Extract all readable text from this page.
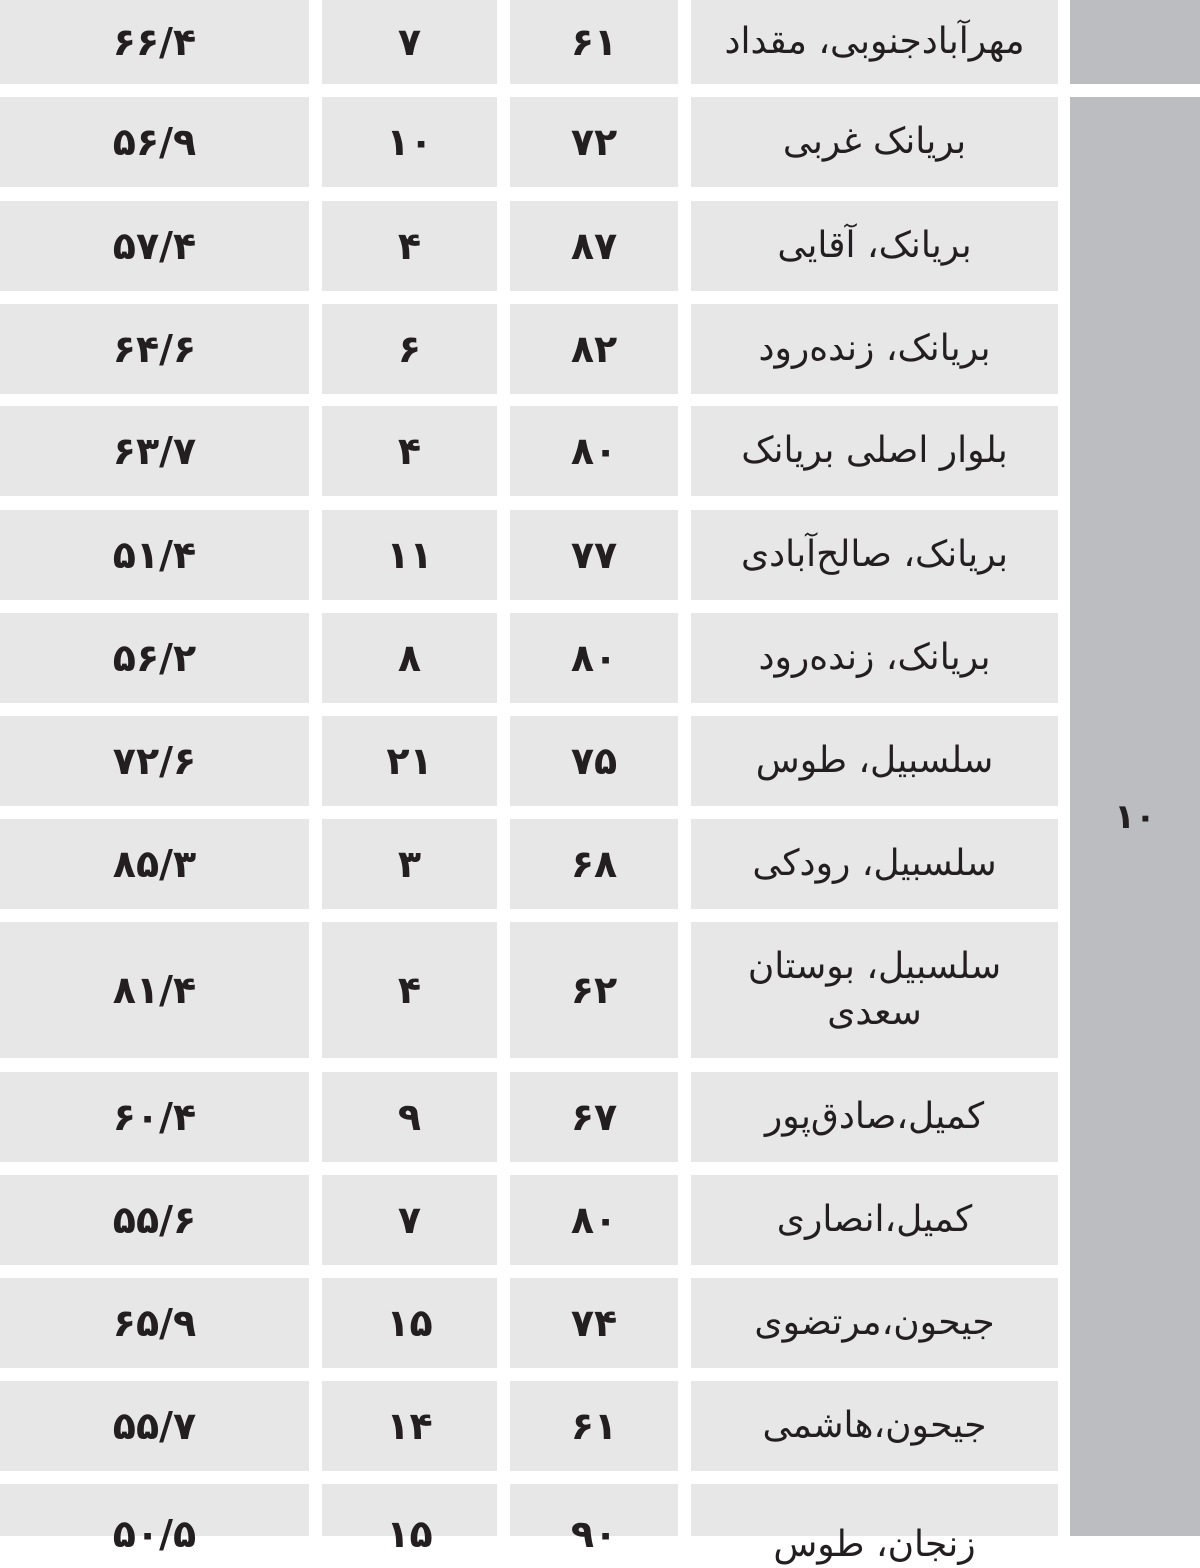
مهرآبادجنوبی، مقداد
۶۱
۷
۶۶/۴
۱۰
بریانک غربی
۷۲
۱۰
۵۶/۹
بریانک، آقایی
۸۷
۴
۵۷/۴
بریانک، زنده‌رود
۸۲
۶
۶۴/۶
بلوار اصلی بریانک
۸۰
۴
۶۳/۷
بریانک، صالح‌آبادی
۷۷
۱۱
۵۱/۴
بریانک، زنده‌رود
۸۰
۸
۵۶/۲
سلسبیل، طوس
۷۵
۲۱
۷۲/۶
سلسبیل، رودکی
۶۸
۳
۸۵/۳
سلسبیل، بوستان سعدی
۶۲
۴
۸۱/۴
کمیل،صادق‌پور
۶۷
۹
۶۰/۴
کمیل،انصاری
۸۰
۷
۵۵/۶
جیحون،مرتضوی
۷۴
۱۵
۶۵/۹
جیحون،هاشمی
۶۱
۱۴
۵۵/۷
زنجان، طوس
۹۰
۱۵
۵۰/۵
